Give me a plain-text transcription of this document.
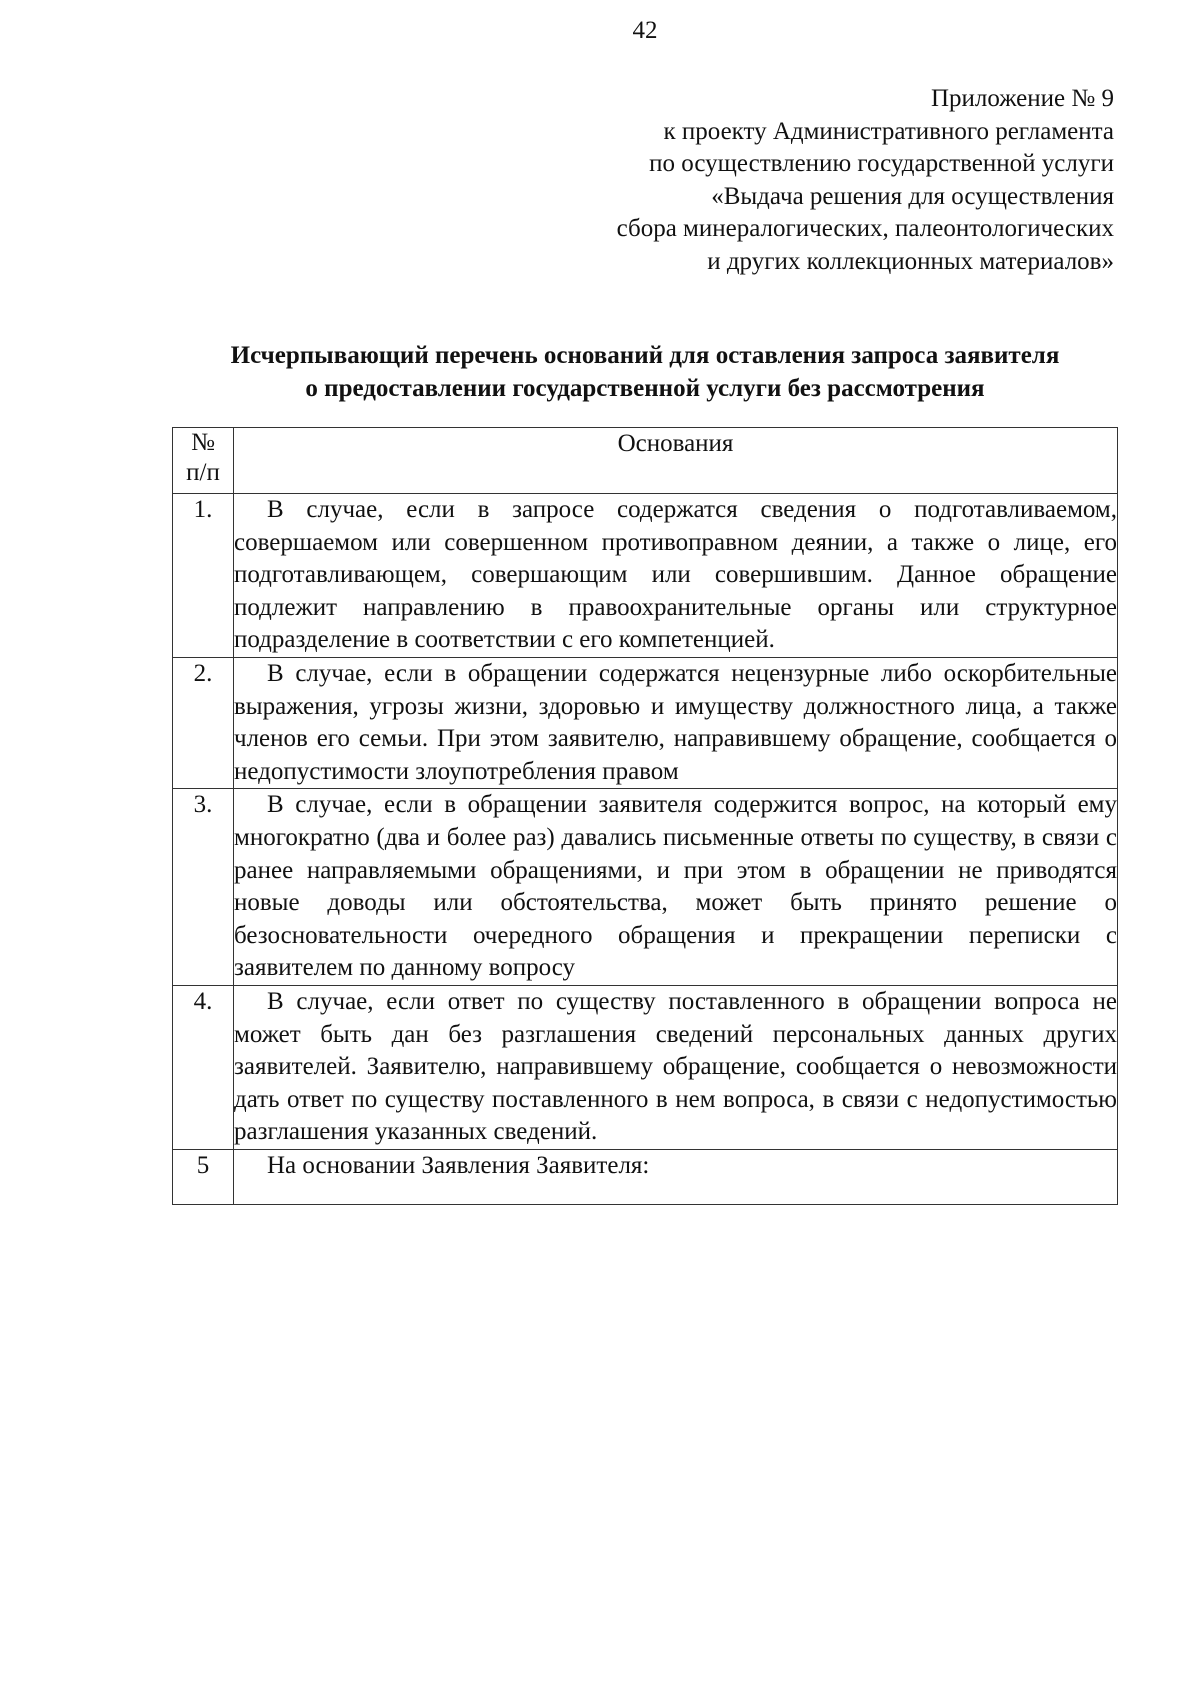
42
Приложение № 9
к проекту Административного регламента
по осуществлению государственной услуги
«Выдача решения для осуществления
сбора минералогических, палеонтологических
и других коллекционных материалов»
Исчерпывающий перечень оснований для оставления запроса заявителя
о предоставлении государственной услуги без рассмотрения
№
п/п	Основания
1.	В случае, если в запросе содержатся сведения о подготавливаемом, совершаемом или совершенном противоправном деянии, а также о лице, его подготавливающем, совершающим или совершившим. Данное обращение подлежит направлению в правоохранительные органы или структурное подразделение в соответствии с его компетенцией.
2.	В случае, если в обращении содержатся нецензурные либо оскорбительные выражения, угрозы жизни, здоровью и имуществу должностного лица, а также членов его семьи. При этом заявителю, направившему обращение, сообщается о недопустимости злоупотребления правом
3.	В случае, если в обращении заявителя содержится вопрос, на который ему многократно (два и более раз) давались письменные ответы по существу, в связи с ранее направляемыми обращениями, и при этом в обращении не приводятся новые доводы или обстоятельства, может быть принято решение о безосновательности очередного обращения и прекращении переписки с заявителем по данному вопросу
4.	В случае, если ответ по существу поставленного в обращении вопроса не может быть дан без разглашения сведений персональных данных других заявителей. Заявителю, направившему обращение, сообщается о невозможности дать ответ по существу поставленного в нем вопроса, в связи с недопустимостью разглашения указанных сведений.
5	На основании Заявления Заявителя:
